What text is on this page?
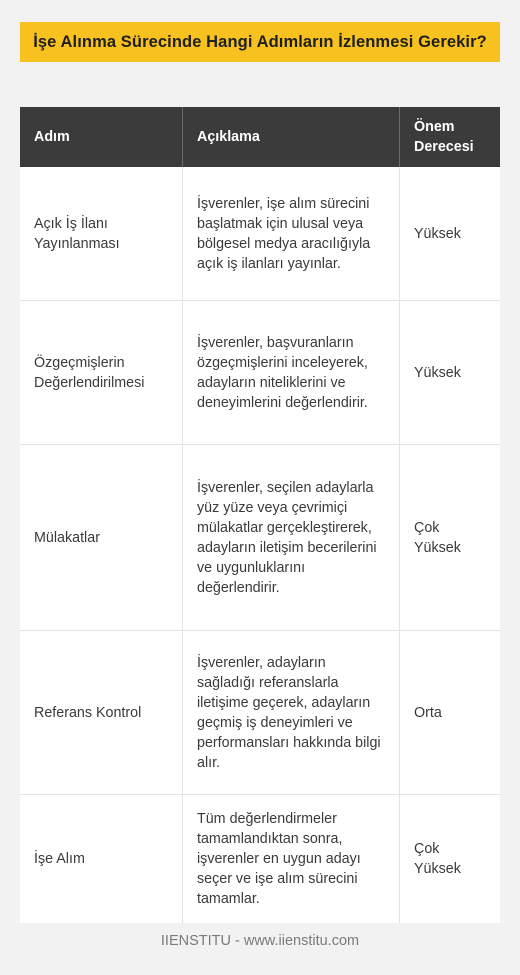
İşe Alınma Sürecinde Hangi Adımların İzlenmesi Gerekir?
Adım	Açıklama	Önem Derecesi
Açık İş İlanı Yayınlanması	İşverenler, işe alım sürecini başlatmak için ulusal veya bölgesel medya aracılığıyla açık iş ilanları yayınlar.	Yüksek
Özgeçmişlerin Değerlendirilmesi	İşverenler, başvuranların özgeçmişlerini inceleyerek, adayların niteliklerini ve deneyimlerini değerlendirir.	Yüksek
Mülakatlar	İşverenler, seçilen adaylarla yüz yüze veya çevrimiçi mülakatlar gerçekleştirerek, adayların iletişim becerilerini ve uygunluklarını değerlendirir.	Çok Yüksek
Referans Kontrol	İşverenler, adayların sağladığı referanslarla iletişime geçerek, adayların geçmiş iş deneyimleri ve performansları hakkında bilgi alır.	Orta
İşe Alım	Tüm değerlendirmeler tamamlandıktan sonra, işverenler en uygun adayı seçer ve işe alım sürecini tamamlar.	Çok Yüksek
IIENSTITU - www.iienstitu.com
